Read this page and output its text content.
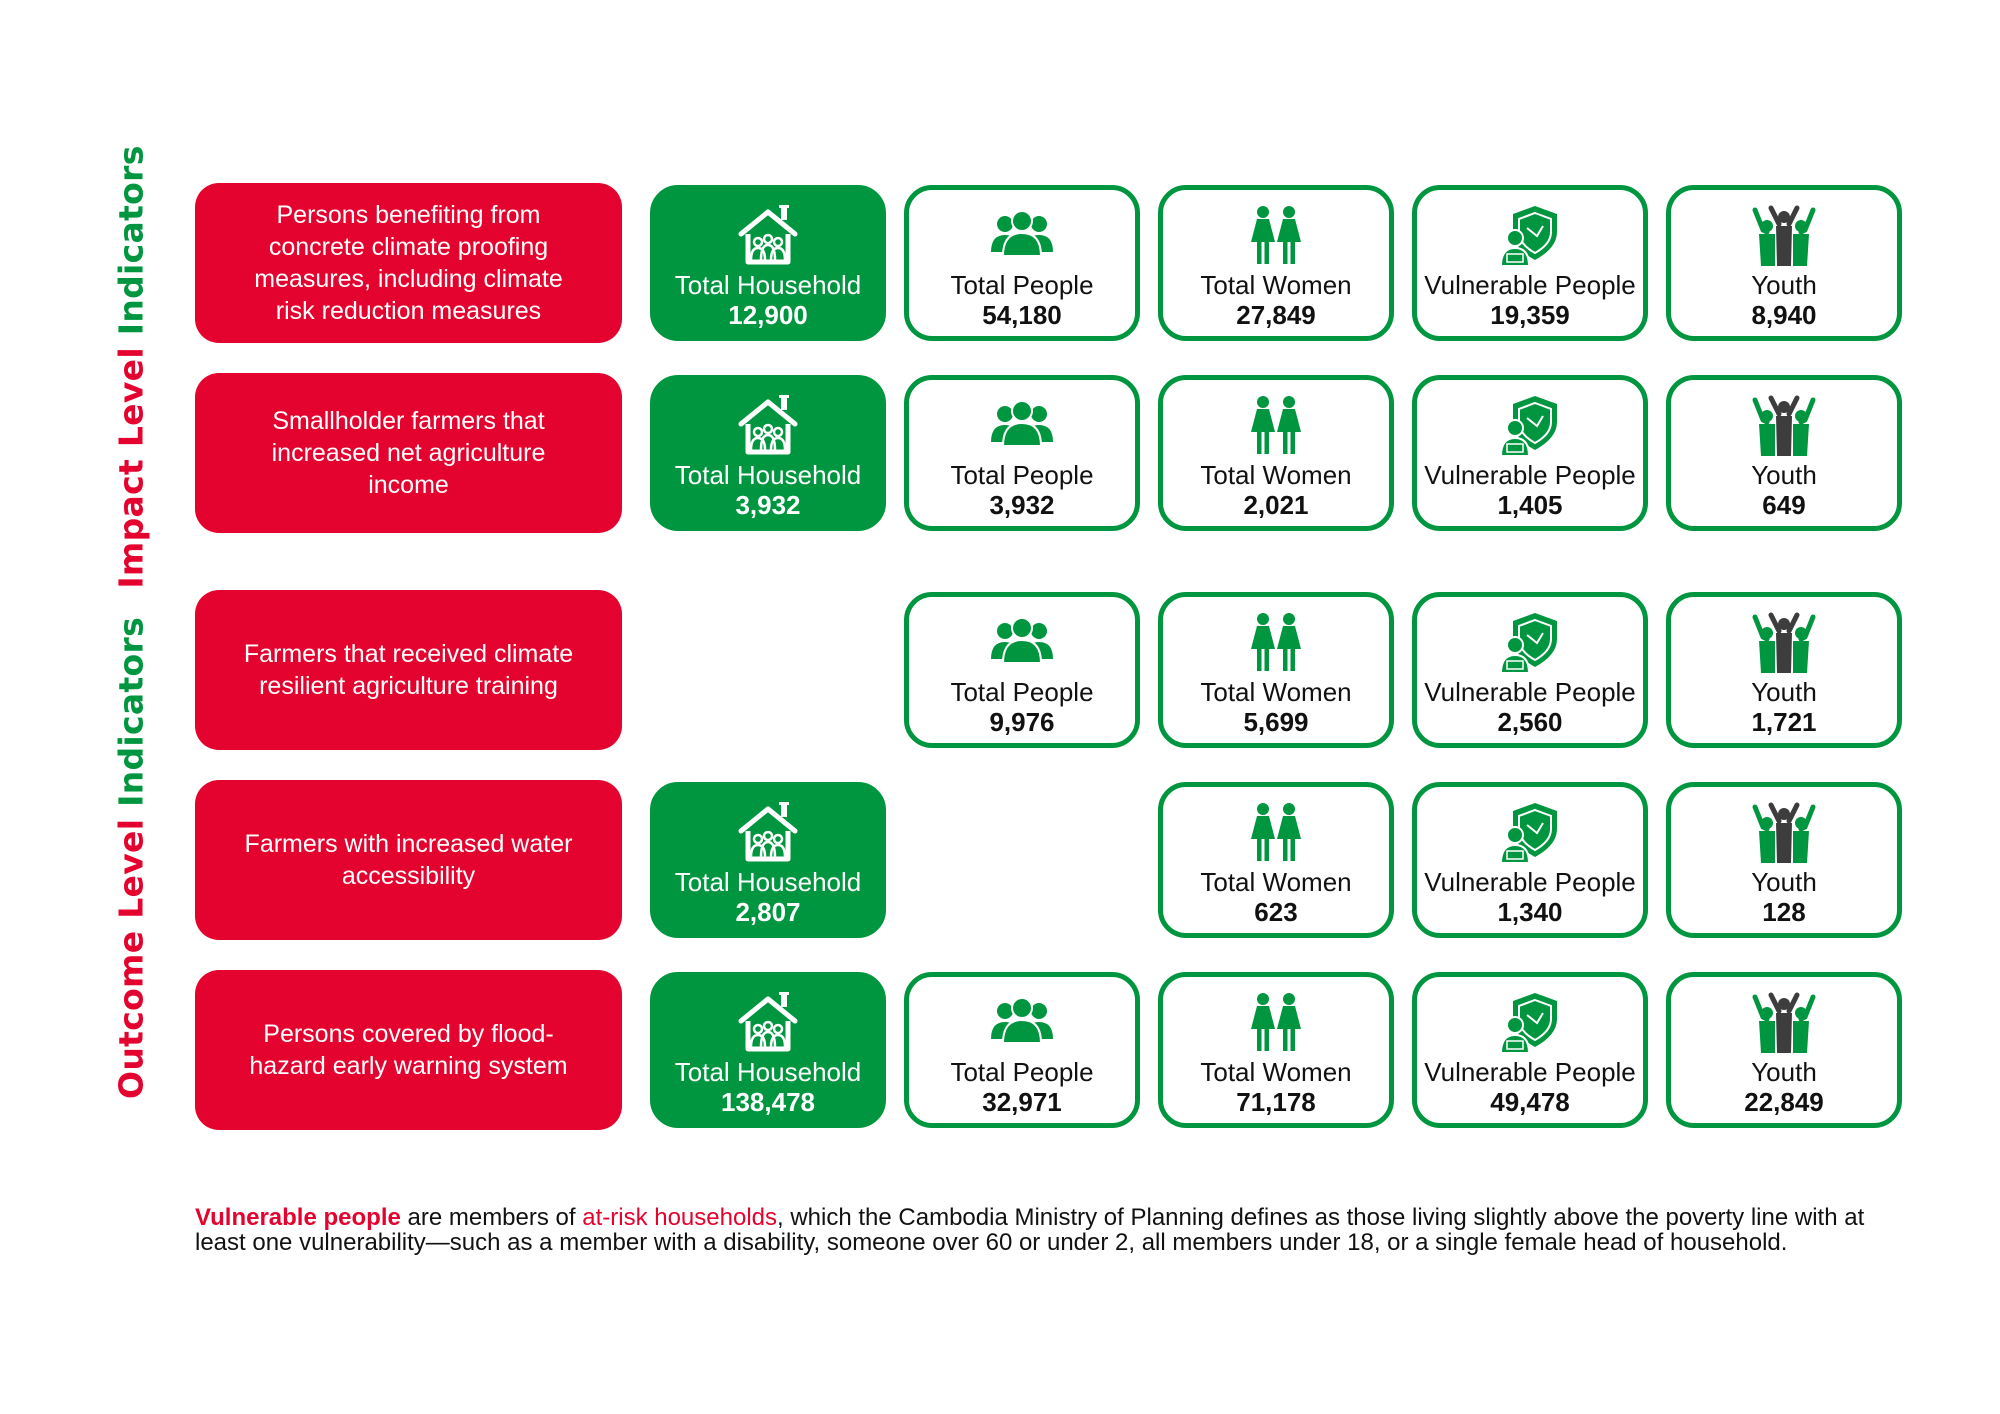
Impact Level Indicators
Outcome Level Indicators
Persons benefiting from concrete climate proofing measures, including climate risk reduction measures
Smallholder farmers that increased net agriculture income
Farmers that received climate resilient agriculture training
Farmers with increased water accessibility
Persons covered by flood-hazard early warning system
Total Household
12,900
Total People
54,180
Total Women
27,849
Vulnerable People
19,359
Youth
8,940
Total Household
3,932
Total People
3,932
Total Women
2,021
Vulnerable People
1,405
Youth
649
Total People
9,976
Total Women
5,699
Vulnerable People
2,560
Youth
1,721
Total Household
2,807
Total Women
623
Vulnerable People
1,340
Youth
128
Total Household
138,478
Total People
32,971
Total Women
71,178
Vulnerable People
49,478
Youth
22,849
Vulnerable people are members of at-risk households, which the Cambodia Ministry of Planning defines as those living slightly above the poverty line with at least one vulnerability—such as a member with a disability, someone over 60 or under 2, all members under 18, or a single female head of household.
